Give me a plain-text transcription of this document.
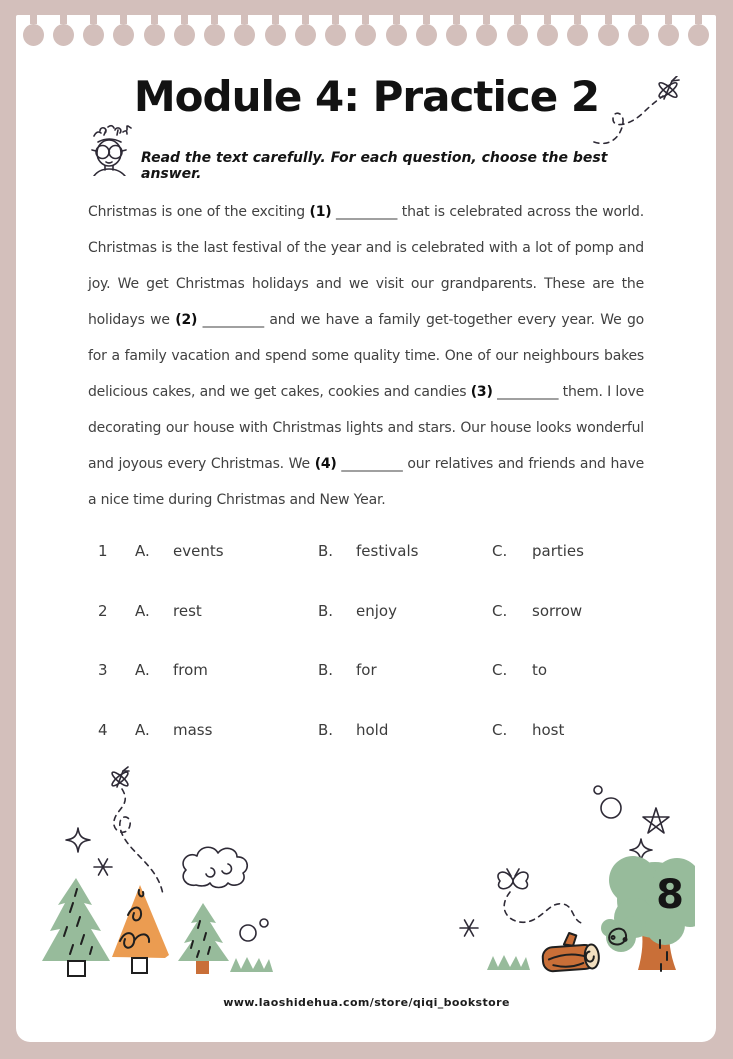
Module 4: Practice 2
Read the text carefully. For each question, choose the best answer.
Christmas is one of the exciting (1) _________ that is celebrated across the world. Christmas is the last festival of the year and is celebrated with a lot of pomp and joy. We get Christmas holidays and we visit our grandparents. These are the holidays we (2) _________ and we have a family get-together every year. We go for a family vacation and spend some quality time. One of our neighbours bakes delicious cakes, and we get cakes, cookies and candies (3) _________ them. I love decorating our house with Christmas lights and stars. Our house looks wonderful and joyous every Christmas. We (4) _________ our relatives and friends and have a nice time during Christmas and New Year.
1	A.	events	B.	festivals	C.	parties
2	A.	rest	B.	enjoy	C.	sorrow
3	A.	from	B.	for	C.	to
4	A.	mass	B.	hold	C.	host
8
www.laoshidehua.com/store/qiqi_bookstore
